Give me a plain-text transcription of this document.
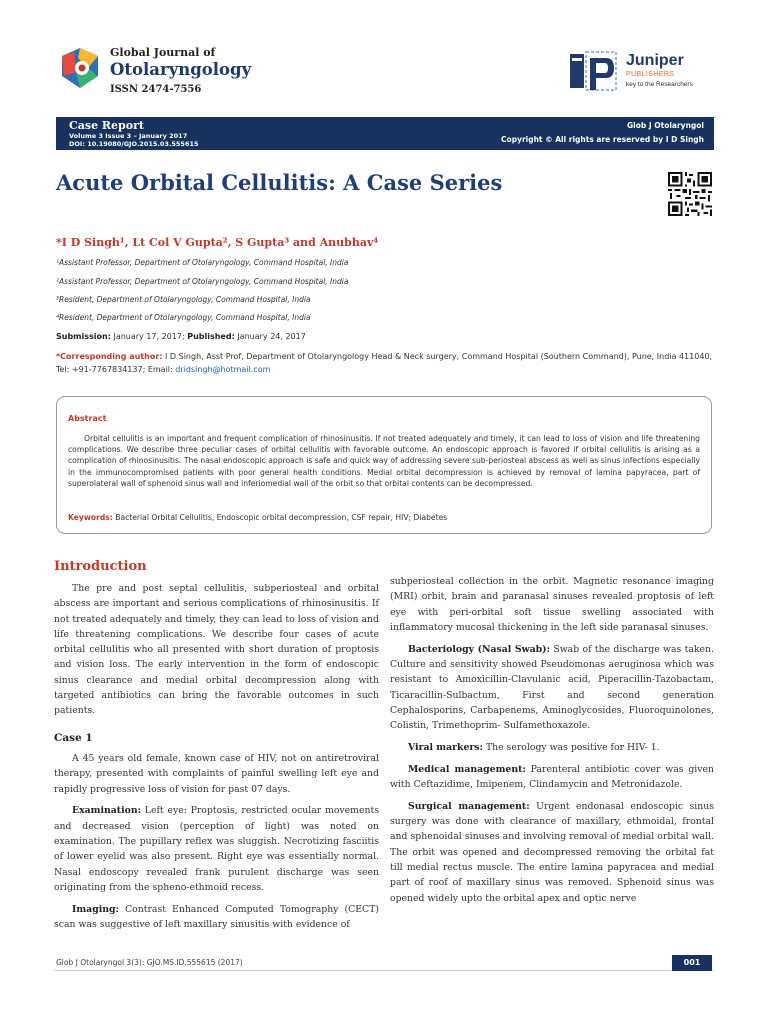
Global Journal of
Otolaryngology
ISSN 2474-7556
Juniper
PUBLISHERS
key to the Researchers
Case Report
Volume 3 Issue 3 – January 2017
DOI: 10.19080/GJO.2015.03.555615
Glob J Otolaryngol
Copyright © All rights are reserved by I D Singh
Acute Orbital Cellulitis: A Case Series
*I D Singh¹, Lt Col V Gupta², S Gupta³ and Anubhav⁴
¹Assistant Professor, Department of Otolaryngology, Command Hospital, India
²Assistant Professor, Department of Otolaryngology, Command Hospital, India
³Resident, Department of Otolaryngology, Command Hospital, India
⁴Resident, Department of Otolaryngology, Command Hospital, India
Submission: January 17, 2017; Published: January 24, 2017
*Corresponding author: I D Singh, Asst Prof, Department of Otolaryngology Head & Neck surgery, Command Hospital (Southern Command), Pune, India 411040, Tel: +91-7767834137; Email: dridsingh@hotmail.com
Abstract
Orbital cellulitis is an important and frequent complication of rhinosinusitis. If not treated adequately and timely, it can lead to loss of vision and life threatening complications. We describe three peculiar cases of orbital cellulitis with favorable outcome. An endoscopic approach is favored if orbital cellulitis is arising as a complication of rhinosinusitis. The nasal endoscopic approach is safe and quick way of addressing severe sub-periosteal abscess as well as sinus infections especially in the immunocompromised patients with poor general health conditions. Medial orbital decompression is achieved by removal of lamina papyracea, part of superolateral wall of sphenoid sinus wall and inferiomedial wall of the orbit so that orbital contents can be decompressed.
Keywords: Bacterial Orbital Cellulitis, Endoscopic orbital decompression, CSF repair, HIV; Diabetes
Introduction

The pre and post septal cellulitis, subperiosteal and orbital abscess are important and serious complications of rhinosinusitis. If not treated adequately and timely, they can lead to loss of vision and life threatening complications. We describe four cases of acute orbital cellulitis who all presented with short duration of proptosis and vision loss. The early intervention in the form of endoscopic sinus clearance and medial orbital decompression along with targeted antibiotics can bring the favorable outcomes in such patients.

Case 1

A 45 years old female, known case of HIV, not on antiretroviral therapy, presented with complaints of painful swelling left eye and rapidly progressive loss of vision for past 07 days.

Examination: Left eye: Proptosis, restricted ocular movements and decreased vision (perception of light) was noted on examination. The pupillary reflex was sluggish. Necrotizing fasciitis of lower eyelid was also present. Right eye was essentially normal. Nasal endoscopy revealed frank purulent discharge was seen originating from the spheno-ethmoid recess.

Imaging: Contrast Enhanced Computed Tomography (CECT) scan was suggestive of left maxillary sinusitis with evidence of

subperiosteal collection in the orbit. Magnetic resonance imaging (MRI) orbit, brain and paranasal sinuses revealed proptosis of left eye with peri-orbital soft tissue swelling associated with inflammatory mucosal thickening in the left side paranasal sinuses.

Bacteriology (Nasal Swab): Swab of the discharge was taken. Culture and sensitivity showed Pseudomonas aeruginosa which was resistant to Amoxicillin-Clavulanic acid, Piperacillin-Tazobactam, Ticaracillin-Sulbactum, First and second generation Cephalosporins, Carbapenems, Aminoglycosides, Fluoroquinolones, Colistin, Trimethoprim- Sulfamethoxazole.

Viral markers: The serology was positive for HIV- 1.

Medical management: Parenteral antibiotic cover was given with Ceftazidime, Imipenem, Clindamycin and Metronidazole.

Surgical management: Urgent endonasal endoscopic sinus surgery was done with clearance of maxillary, ethmoidal, frontal and sphenoidal sinuses and involving removal of medial orbital wall. The orbit was opened and decompressed removing the orbital fat till medial rectus muscle. The entire lamina papyracea and medial part of roof of maxillary sinus was removed. Sphenoid sinus was opened widely upto the orbital apex and optic nerve

Glob J Otolaryngol 3(3): GJO.MS.ID.555615 (2017)	001
